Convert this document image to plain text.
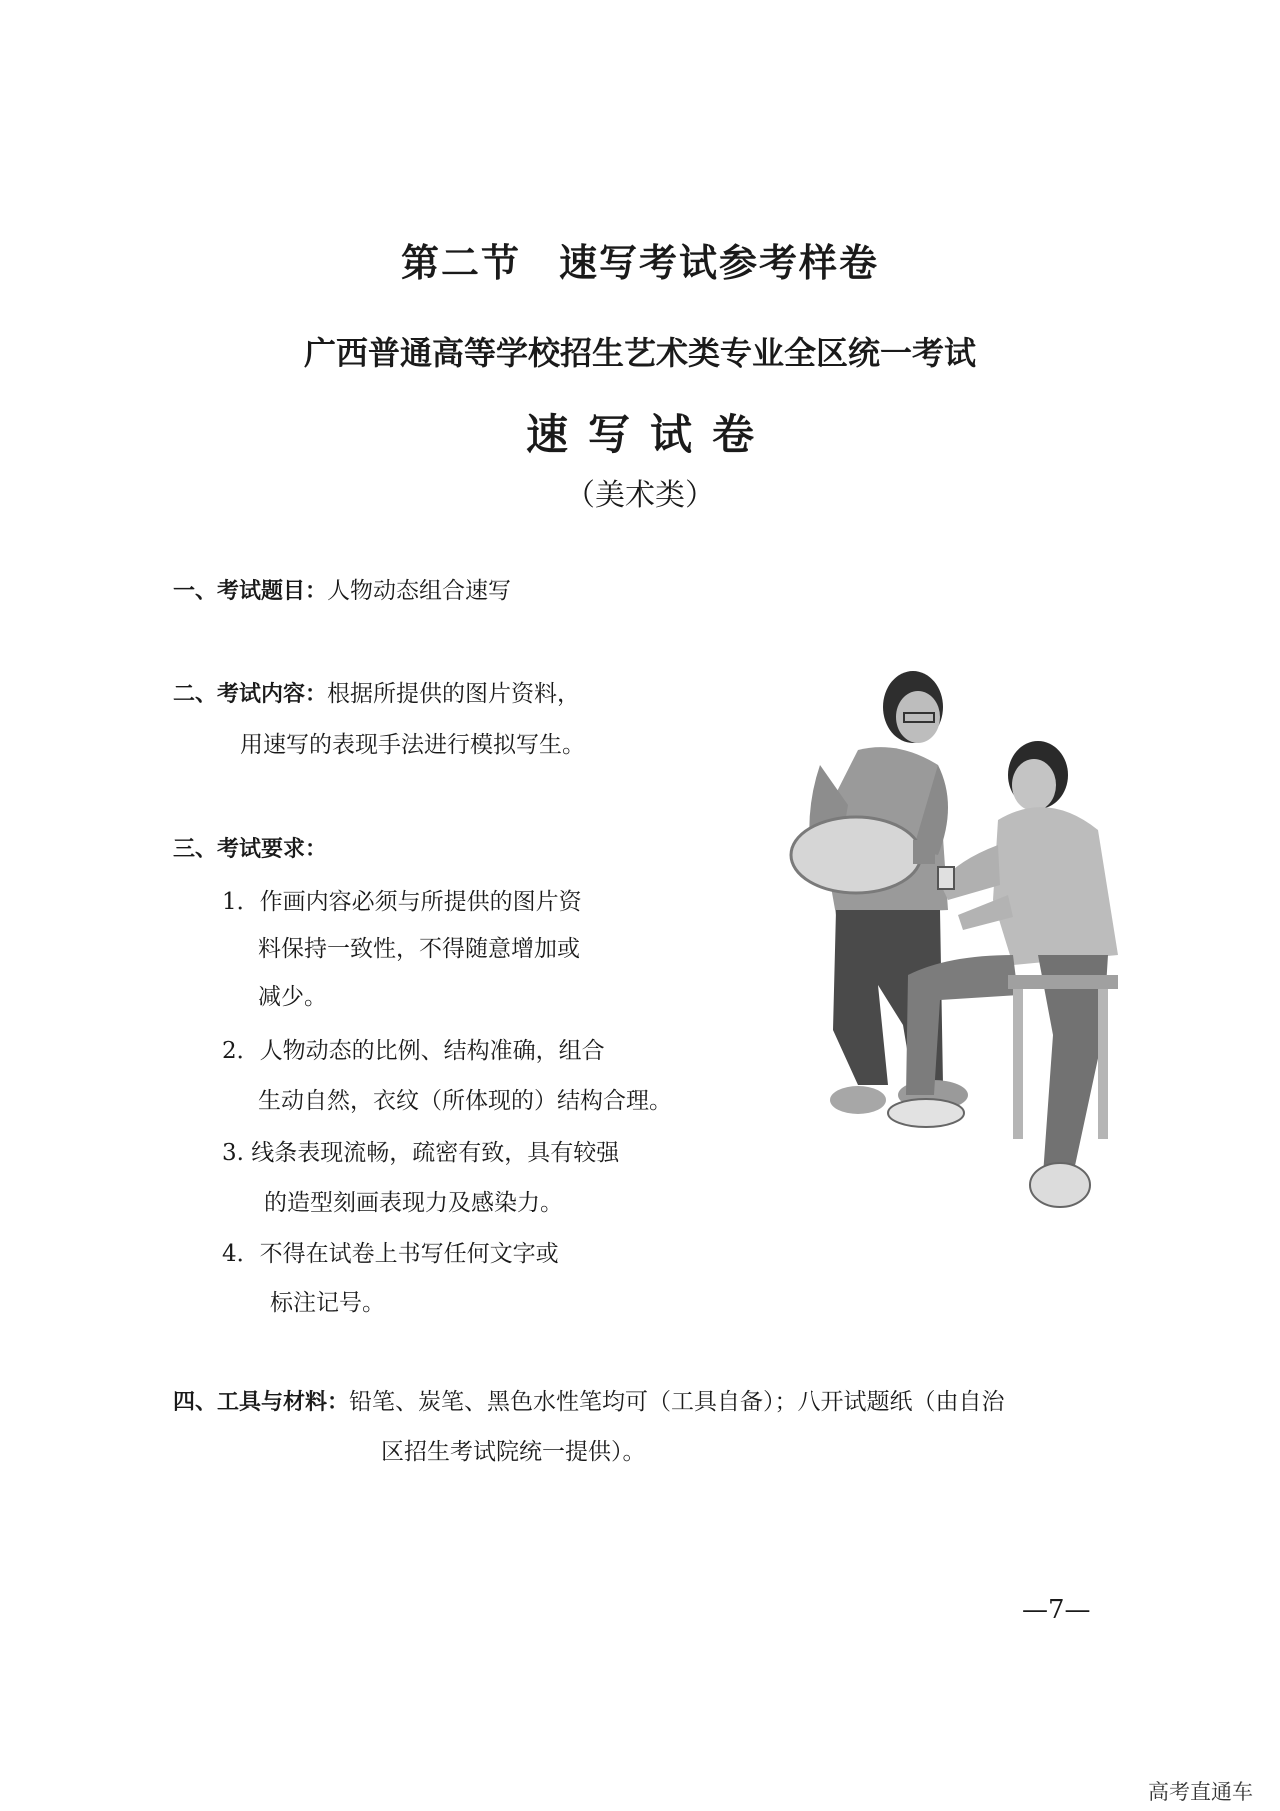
第二节 速写考试参考样卷
广西普通高等学校招生艺术类专业全区统一考试
速写试卷
（美术类）
一、考试题目：人物动态组合速写
二、考试内容：根据所提供的图片资料，
用速写的表现手法进行模拟写生。
三、考试要求：
1．作画内容必须与所提供的图片资
料保持一致性，不得随意增加或
减少。
2．人物动态的比例、结构准确，组合
生动自然，衣纹（所体现的）结构合理。
3. 线条表现流畅，疏密有致，具有较强
的造型刻画表现力及感染力。
4．不得在试卷上书写任何文字或
标注记号。
四、工具与材料：铅笔、炭笔、黑色水性笔均可（工具自备）；八开试题纸（由自治
区招生考试院统一提供）。
—7—
高考直通车
